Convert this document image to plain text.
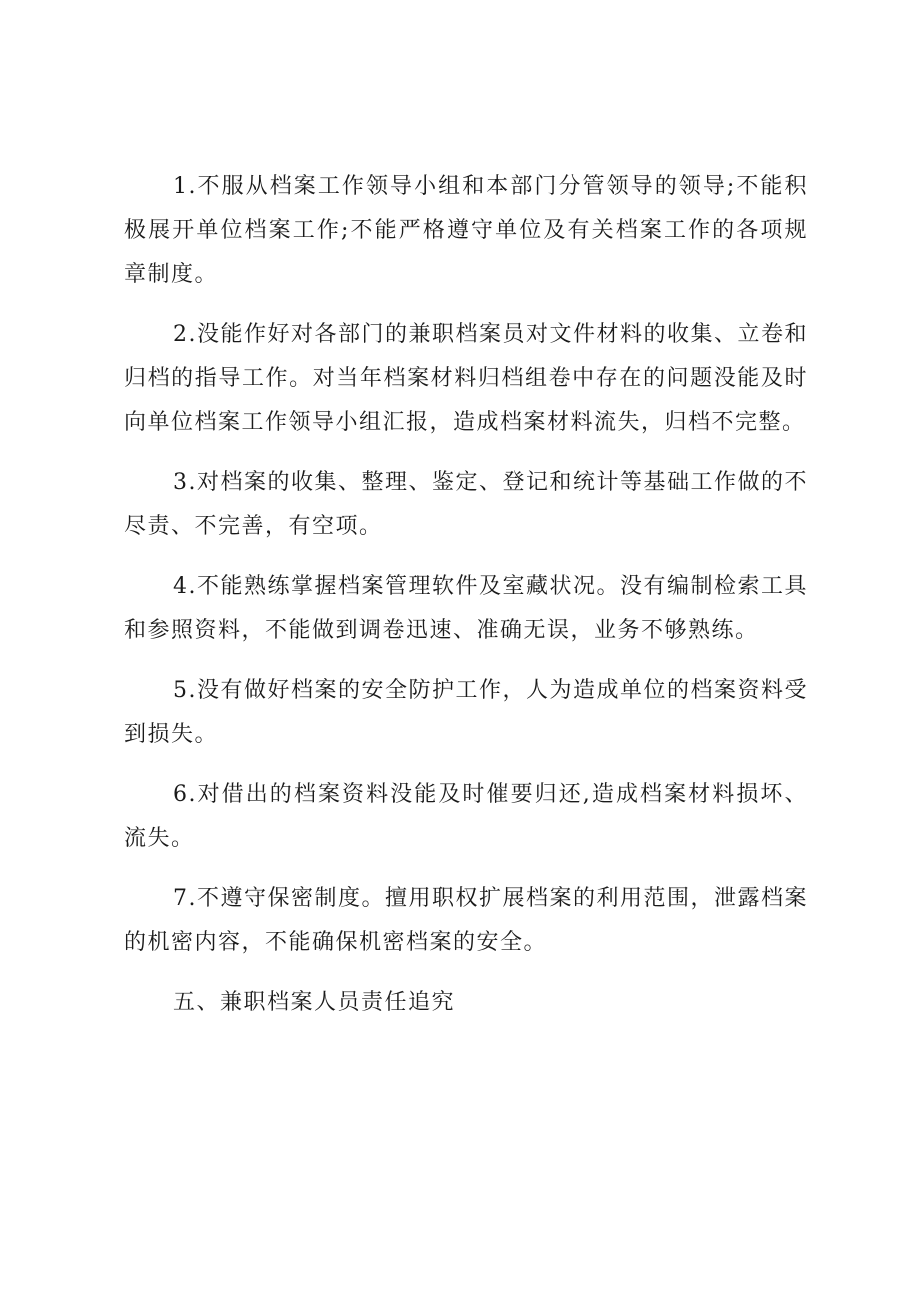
1.不服从档案工作领导小组和本部门分管领导的领导;不能积极展开单位档案工作;不能严格遵守单位及有关档案工作的各项规章制度。

2.没能作好对各部门的兼职档案员对文件材料的收集、立卷和归档的指导工作。对当年档案材料归档组卷中存在的问题没能及时向单位档案工作领导小组汇报，造成档案材料流失，归档不完整。

3.对档案的收集、整理、鉴定、登记和统计等基础工作做的不尽责、不完善，有空项。

4.不能熟练掌握档案管理软件及室藏状况。没有编制检索工具和参照资料，不能做到调卷迅速、准确无误，业务不够熟练。

5.没有做好档案的安全防护工作，人为造成单位的档案资料受到损失。

6.对借出的档案资料没能及时催要归还,造成档案材料损坏、流失。

7.不遵守保密制度。擅用职权扩展档案的利用范围，泄露档案的机密内容，不能确保机密档案的安全。

五、兼职档案人员责任追究
